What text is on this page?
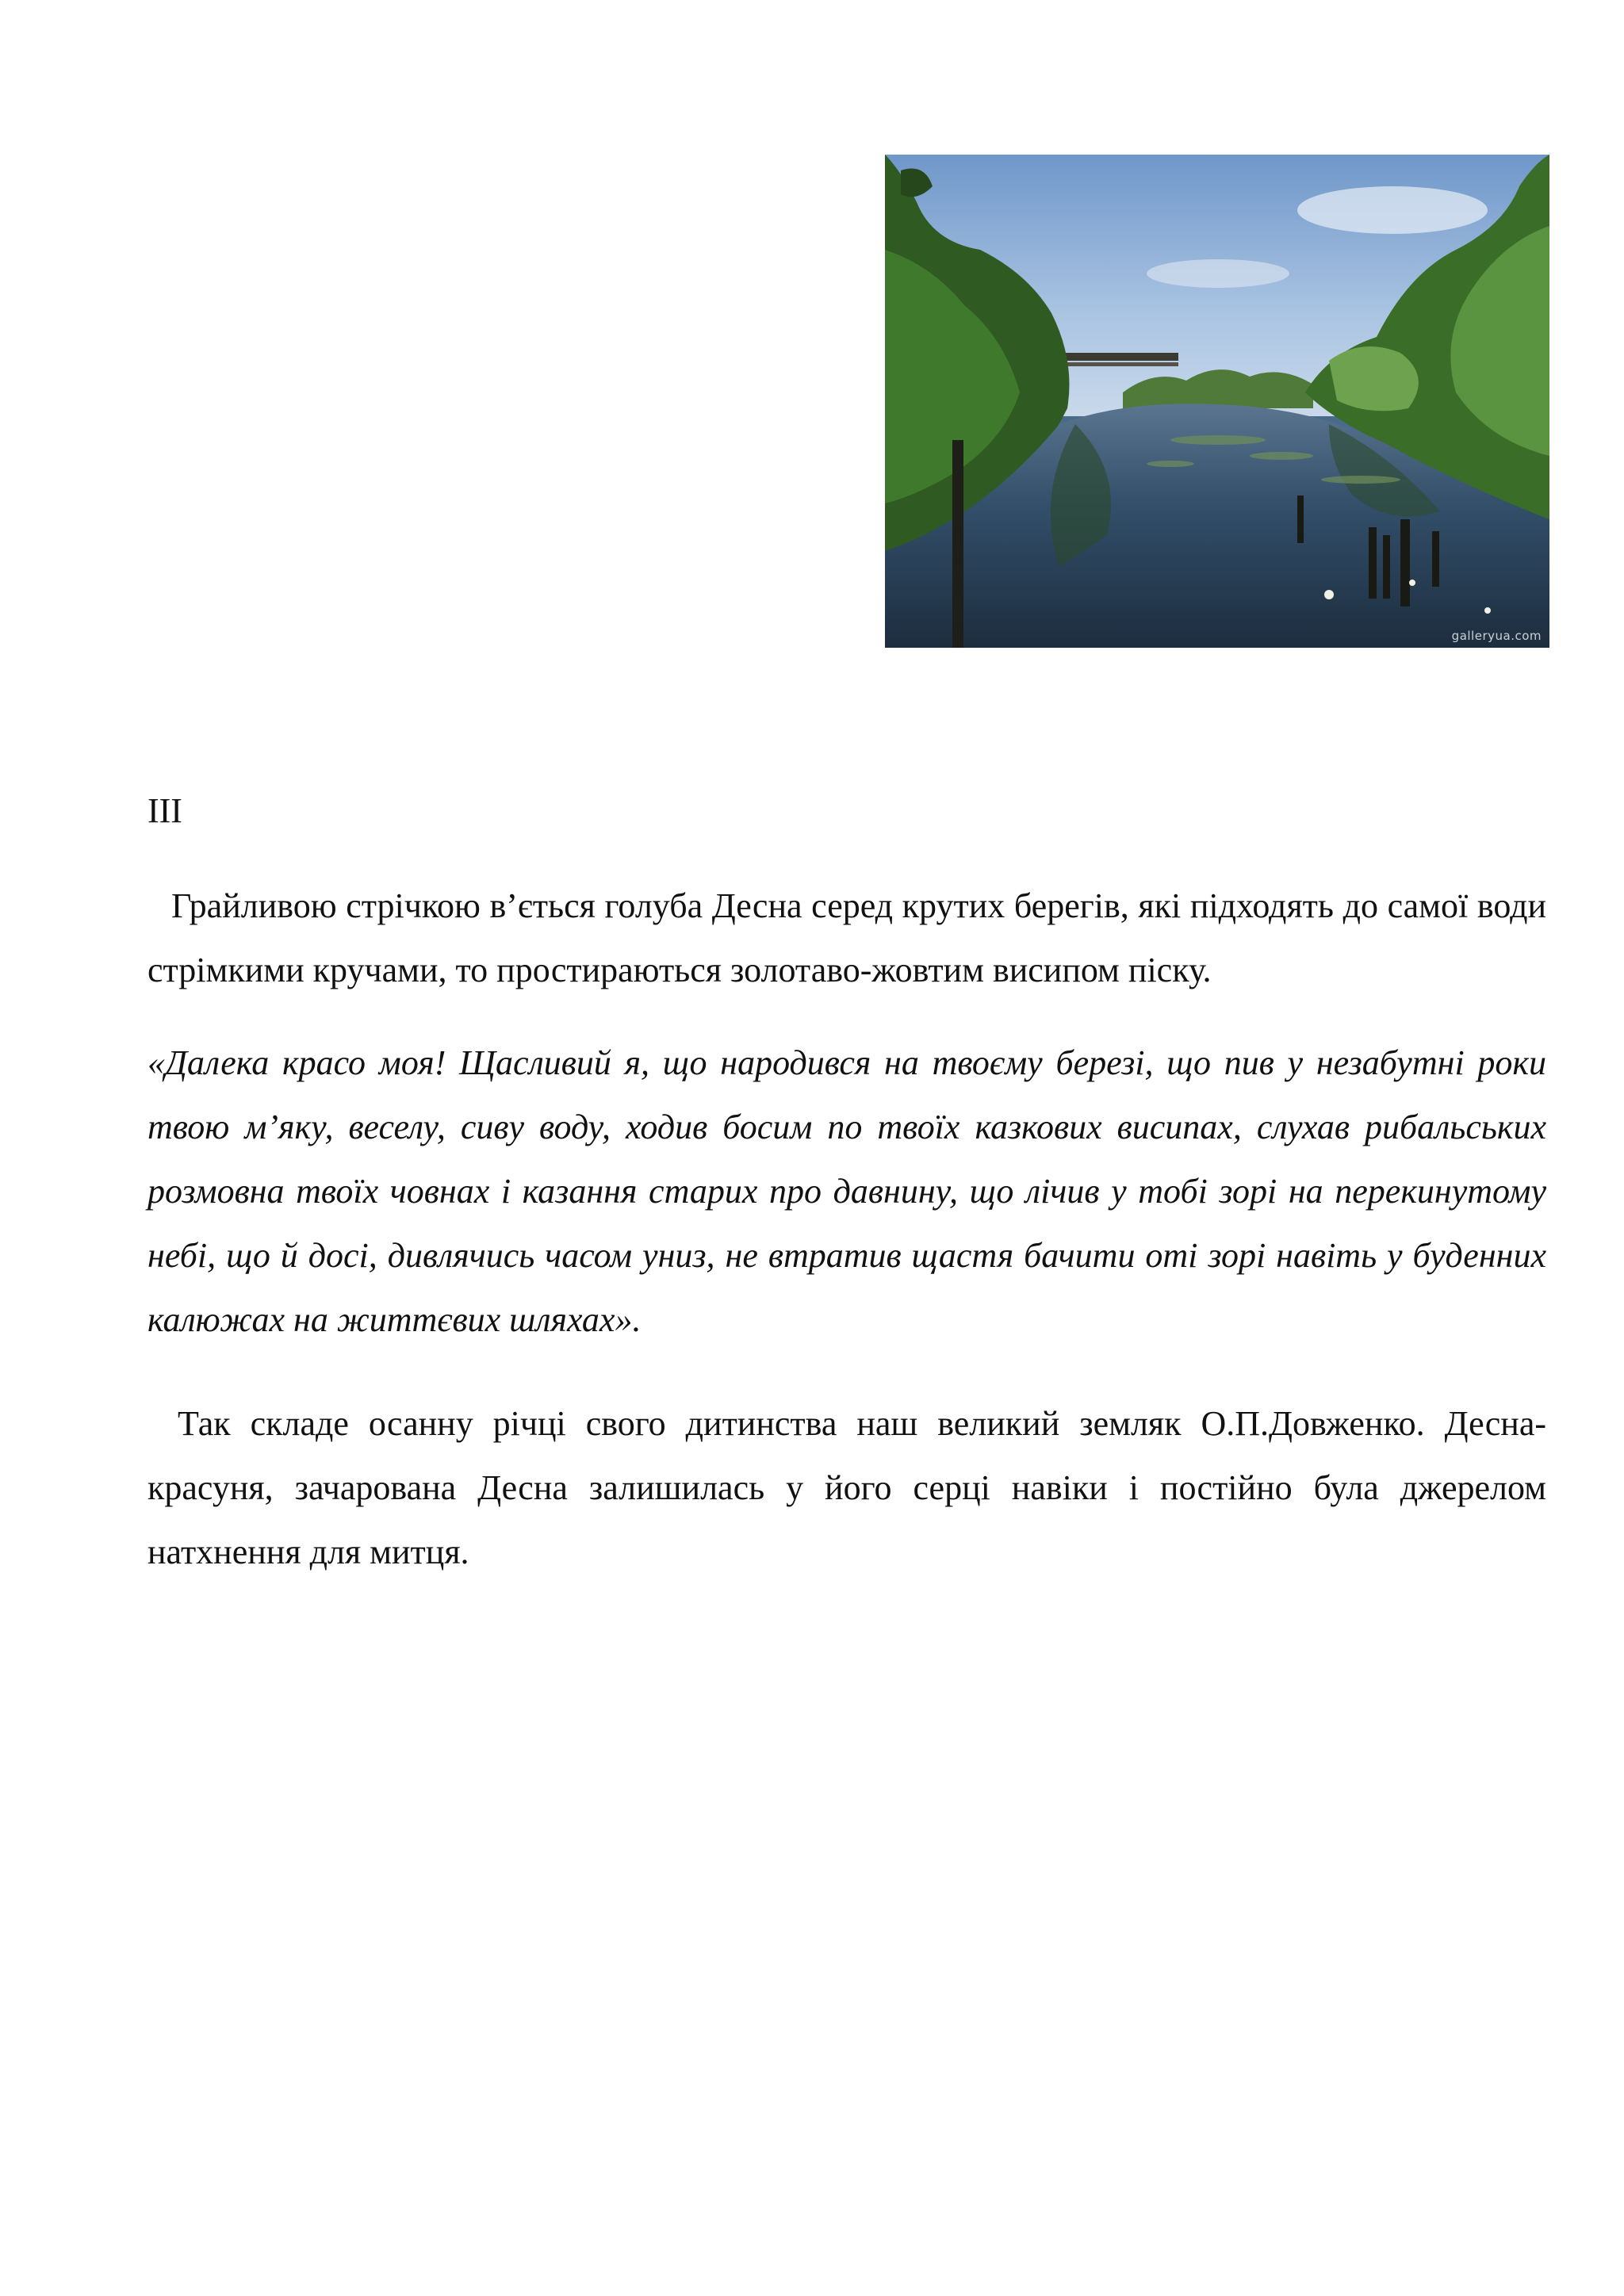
galleryua.com
III

Грайливою стрічкою в’ється голуба Десна серед крутих берегів, які підходять до самої води стрімкими кручами, то простираються золотаво-жовтим висипом піску.

«Далека красо моя! Щасливий я, що народився на твоєму березі, що пив у незабутні роки твою м’яку, веселу, сиву воду, ходив босим по твоїх казкових висипах, слухав рибальських розмовна твоїх човнах і казання старих про давнину, що лічив у тобі зорі на перекинутому небі, що й досі, дивлячись часом униз, не втратив щастя бачити оті зорі навіть у буденних калюжах на життєвих шляхах».

Так складе осанну річці свого дитинства наш великий земляк О.П.Довженко. Десна-красуня, зачарована Десна залишилась у його серці навіки і постійно була джерелом натхнення для митця.
